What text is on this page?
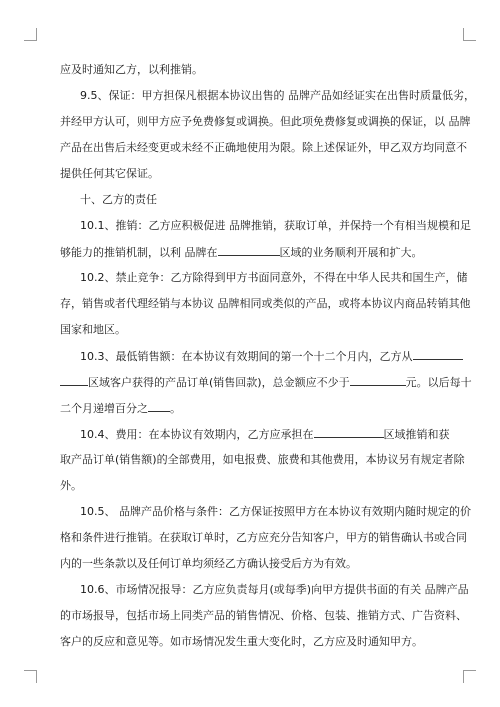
应及时通知乙方，以利推销。
9.5、保证：甲方担保凡根据本协议出售的 品牌产品如经证实在出售时质量低劣，
并经甲方认可，则甲方应予免费修复或调换。但此项免费修复或调换的保证，以 品牌
产品在出售后未经变更或未经不正确地使用为限。除上述保证外，甲乙双方均同意不
提供任何其它保证。
十、乙方的责任
10.1、推销：乙方应积极促进 品牌推销，获取订单，并保持一个有相当规模和足
够能力的推销机制，以利 品牌在	区域的业务顺利开展和扩大。
10.2、禁止竞争：乙方除得到甲方书面同意外，不得在中华人民共和国生产，储
存，销售或者代理经销与本协议 品牌相同或类似的产品，或将本协议内商品转销其他
国家和地区。
10.3、最低销售额：在本协议有效期间的第一个十二个月内，乙方从
区域客户获得的产品订单(销售回款)，总金额应不少于	元。以后每十
二个月递增百分之 。
10.4、费用：在本协议有效期内，乙方应承担在	区域推销和获
取产品订单(销售额)的全部费用，如电报费、旅费和其他费用，本协议另有规定者除
外。
10.5、 品牌产品价格与条件：乙方保证按照甲方在本协议有效期内随时规定的价
格和条件进行推销。在获取订单时，乙方应充分告知客户，甲方的销售确认书或合同
内的一些条款以及任何订单均须经乙方确认接受后方为有效。
10.6、市场情况报导：乙方应负责每月(或每季)向甲方提供书面的有关 品牌产品
的市场报导，包括市场上同类产品的销售情况、价格、包装、推销方式、广告资料、
客户的反应和意见等。如市场情况发生重大变化时，乙方应及时通知甲方。
